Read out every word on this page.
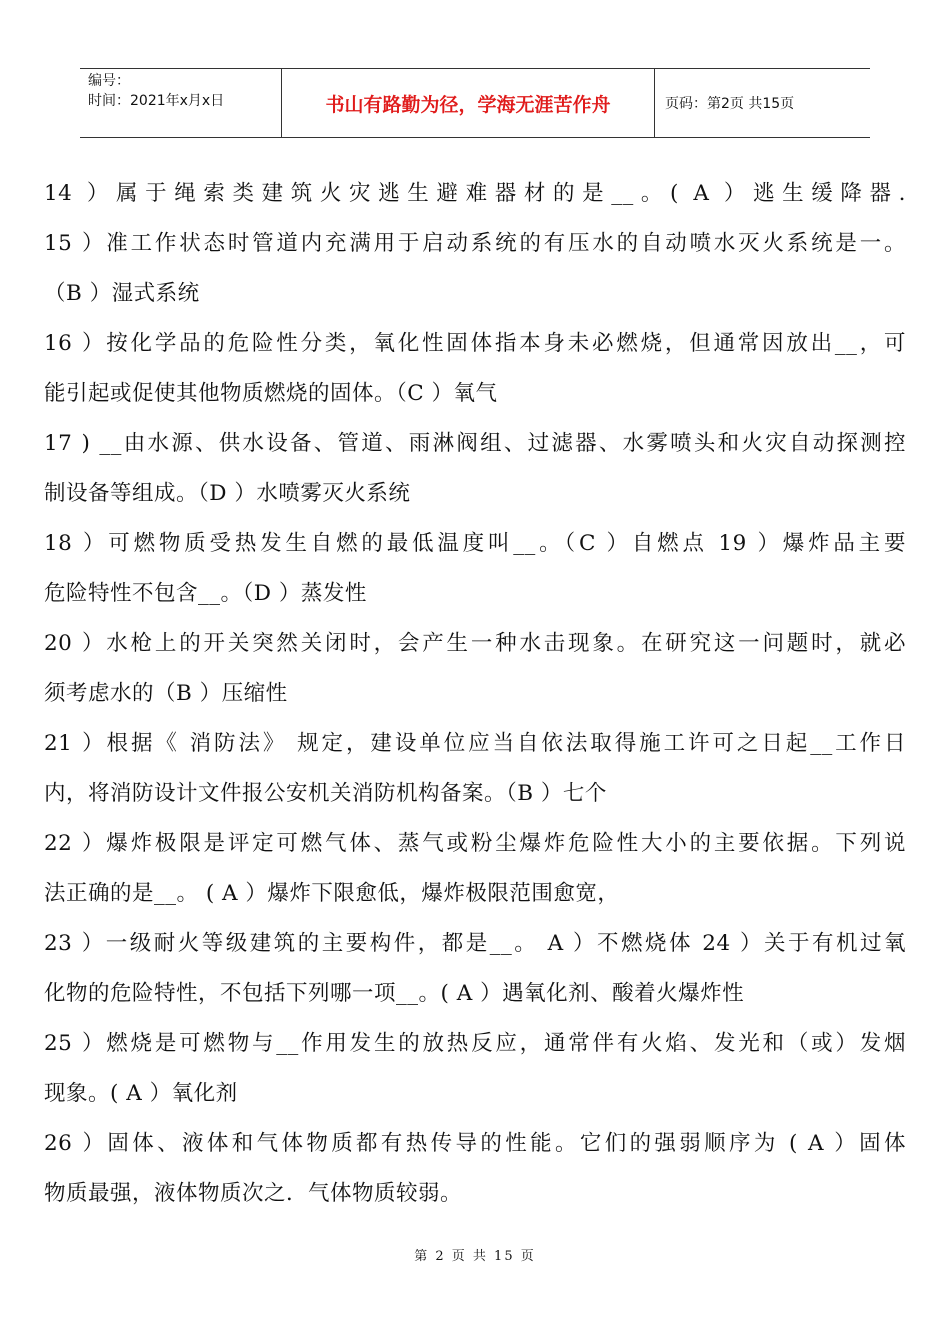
编号：
时间：2021年x月x日	书山有路勤为径，学海无涯苦作舟	页码：第2页 共15页
14 ）属于绳索类建筑火灾逃生避难器材的是__。( A ）逃生缓降器.
15 ）准工作状态时管道内充满用于启动系统的有压水的自动喷水灭火系统是一。
（B ）湿式系统
16 ）按化学品的危险性分类，氧化性固体指本身未必燃烧，但通常因放出__，可
能引起或促使其他物质燃烧的固体。（C ）氧气
17 ) __由水源、供水设备、管道、雨淋阀组、过滤器、水雾喷头和火灾自动探测控
制设备等组成。（D ）水喷雾灭火系统
18 ）可燃物质受热发生自燃的最低温度叫__。（C ）自燃点 19 ）爆炸品主要
危险特性不包含__。（D ）蒸发性
20 ）水枪上的开关突然关闭时，会产生一种水击现象。在研究这一问题时，就必
须考虑水的（B ）压缩性
21 ）根据《 消防法》 规定，建设单位应当自依法取得施工许可之日起__工作日
内，将消防设计文件报公安机关消防机构备案。（B ）七个
22 ）爆炸极限是评定可燃气体、蒸气或粉尘爆炸危险性大小的主要依据。下列说
法正确的是__。 ( A ）爆炸下限愈低，爆炸极限范围愈宽，
23 ）一级耐火等级建筑的主要构件，都是__。 A ）不燃烧体 24 ）关于有机过氧
化物的危险特性，不包括下列哪一项__。( A ）遇氧化剂、酸着火爆炸性
25 ）燃烧是可燃物与__作用发生的放热反应，通常伴有火焰、发光和（或）发烟
现象。( A ）氧化剂
26 ）固体、液体和气体物质都有热传导的性能。它们的强弱顺序为 ( A ）固体
物质最强，液体物质次之．气体物质较弱。
第 2 页 共 15 页
